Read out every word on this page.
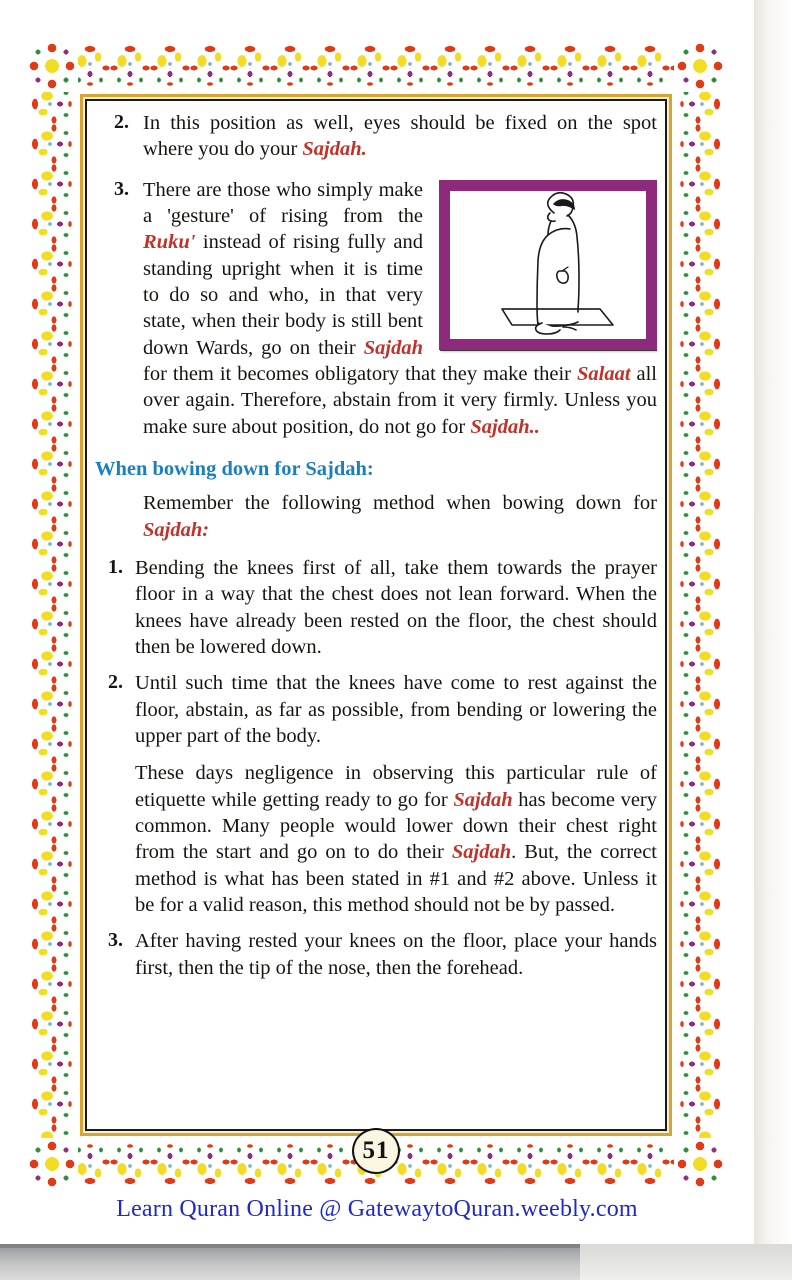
51
2. In this position as well, eyes should be fixed on the spot where you do your Sajdah.

3. There are those who simply make a 'gesture' of rising from the Ruku' instead of rising fully and standing upright when it is time to do so and who, in that very state, when their body is still bent down Wards, go on their Sajdah for them it becomes obligatory that they make their Salaat all over again. Therefore, abstain from it very firmly. Unless you make sure about position, do not go for Sajdah..

When bowing down for Sajdah:

Remember the following method when bowing down for Sajdah:

1. Bending the knees first of all, take them towards the prayer floor in a way that the chest does not lean forward. When the knees have already been rested on the floor, the chest should then be lowered down.

2. Until such time that the knees have come to rest against the floor, abstain, as far as possible, from bending or lowering the upper part of the body.

These days negligence in observing this particular rule of etiquette while getting ready to go for Sajdah has become very common. Many people would lower down their chest right from the start and go on to do their Sajdah. But, the correct method is what has been stated in #1 and #2 above. Unless it be for a valid reason, this method should not be by passed.

3. After having rested your knees on the floor, place your hands first, then the tip of the nose, then the forehead.

Learn Quran Online @ GatewaytoQuran.weebly.com
